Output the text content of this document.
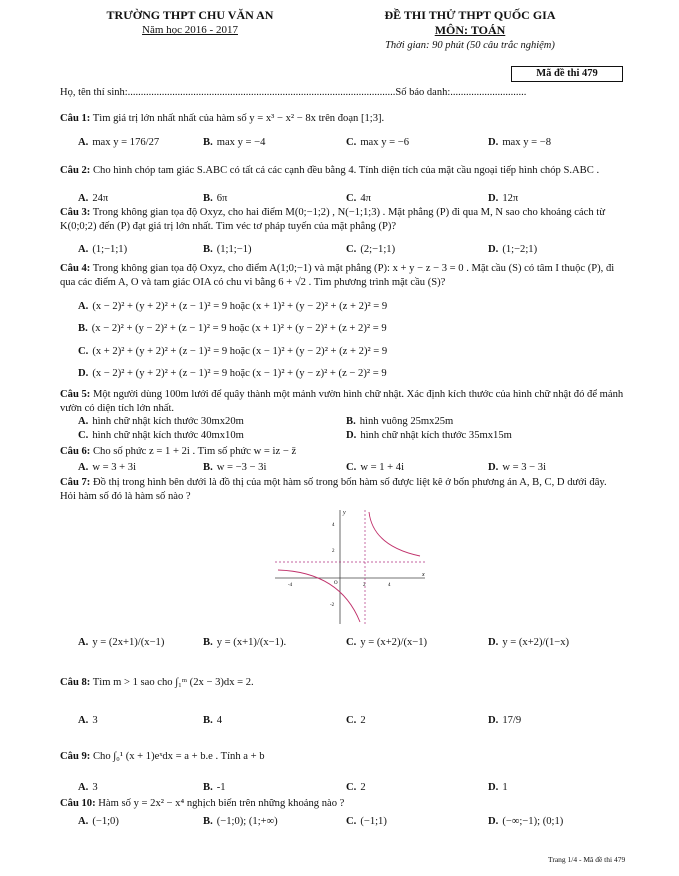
TRƯỜNG THPT CHU VĂN AN
Năm học 2016 - 2017
ĐỀ THI THỬ THPT QUỐC GIA
MÔN: TOÁN
Thời gian: 90 phút (50 câu trắc nghiệm)
Mã đề thi 479
Họ, tên thí sinh:......................................................................................................Số báo danh:.............................
Câu 1: Tìm giá trị lớn nhất nhất của hàm số y = x³ − x² − 8x trên đoạn [1;3].
A. max y = 176/27	B. max y = −4	C. max y = −6	D. max y = −8
Câu 2: Cho hình chóp tam giác S.ABC có tất cả các cạnh đều bằng 4. Tính diện tích của mặt cầu ngoại tiếp hình chóp S.ABC .
A. 24π	B. 6π	C. 4π	D. 12π
Câu 3: Trong không gian tọa độ Oxyz, cho hai điểm M(0;−1;2) , N(−1;1;3) . Mặt phẳng (P) đi qua M, N sao cho khoảng cách từ K(0;0;2) đến (P) đạt giá trị lớn nhất. Tìm véc tơ pháp tuyến của mặt phẳng (P)?
A. (1;−1;1)	B. (1;1;−1)	C. (2;−1;1)	D. (1;−2;1)
Câu 4: Trong không gian tọa độ Oxyz, cho điểm A(1;0;−1) và mặt phẳng (P): x + y − z − 3 = 0 . Mặt cầu (S) có tâm I thuộc (P), đi qua các điểm A, O và tam giác OIA có chu vi bằng 6 + √2 . Tìm phương trình mặt cầu (S)?
A. (x − 2)² + (y + 2)² + (z − 1)² = 9 hoặc (x + 1)² + (y − 2)² + (z + 2)² = 9
B. (x − 2)² + (y − 2)² + (z − 1)² = 9 hoặc (x + 1)² + (y − 2)² + (z + 2)² = 9
C. (x + 2)² + (y + 2)² + (z − 1)² = 9 hoặc (x − 1)² + (y − 2)² + (z + 2)² = 9
D. (x − 2)² + (y + 2)² + (z − 1)² = 9 hoặc (x − 1)² + (y − z)² + (z − 2)² = 9
Câu 5: Một người dùng 100m lưới để quây thành một mảnh vườn hình chữ nhật. Xác định kích thước của hình chữ nhật đó để mảnh vườn có diện tích lớn nhất.
A. hình chữ nhật kích thước 30mx20m	B. hình vuông 25mx25m
C. hình chữ nhật kích thước 40mx10m	D. hình chữ nhật kích thước 35mx15m
Câu 6: Cho số phức z = 1 + 2i . Tìm số phức w = iz − z̄
A. w = 3 + 3i	B. w = −3 − 3i	C. w = 1 + 4i	D. w = 3 − 3i
Câu 7: Đồ thị trong hình bên dưới là đồ thị của một hàm số trong bốn hàm số được liệt kê ở bốn phương án A, B, C, D dưới đây. Hỏi hàm số đó là hàm số nào ?
x
y
O
4
2
-2
-4	2	4
A. y = (2x+1)/(x−1)	B. y = (x+1)/(x−1).	C. y = (x+2)/(x−1)	D. y = (x+2)/(1−x)
Câu 8: Tìm m > 1 sao cho ∫₁ᵐ (2x − 3)dx = 2.
A. 3	B. 4	C. 2	D. 17/9
Câu 9: Cho ∫₀¹ (x + 1)eˣdx = a + b.e . Tính a + b
A. 3	B. -1	C. 2	D. 1
Câu 10: Hàm số y = 2x² − x⁴ nghịch biến trên những khoảng nào ?
A. (−1;0)	B. (−1;0); (1;+∞)	C. (−1;1)	D. (−∞;−1); (0;1)
Trang 1/4 - Mã đề thi 479
